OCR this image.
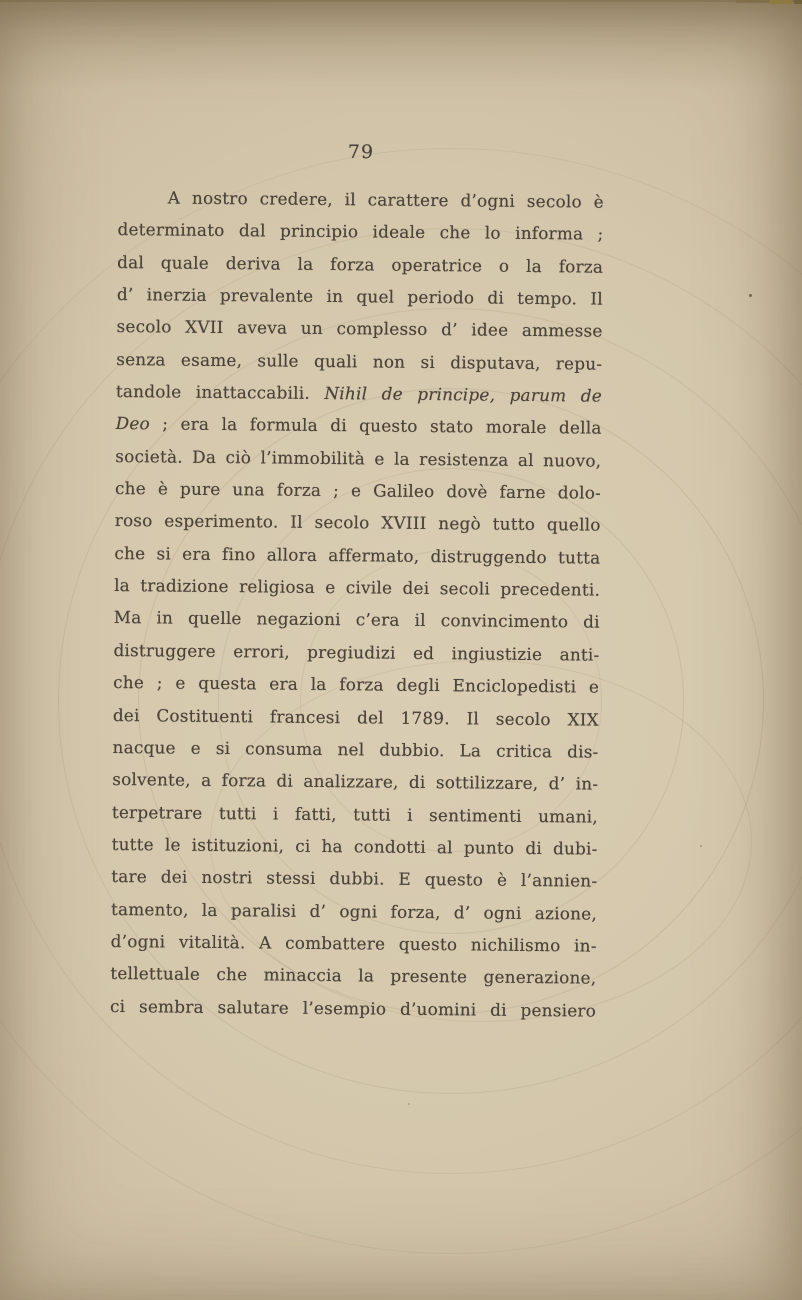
79
A nostro credere, il carattere d’ogni secolo è
determinato dal principio ideale che lo informa ;
dal quale deriva la forza operatrice o la forza
d’ inerzia prevalente in quel periodo di tempo. Il
secolo XVII aveva un complesso d’ idee ammesse
senza esame, sulle quali non si disputava, repu-
tandole inattaccabili. Nihil de principe, parum de
Deo ; era la formula di questo stato morale della
società. Da ciò l’immobilità e la resistenza al nuovo,
che è pure una forza ; e Galileo dovè farne dolo-
roso esperimento. Il secolo XVIII negò tutto quello
che si era fino allora affermato, distruggendo tutta
la tradizione religiosa e civile dei secoli precedenti.
Ma in quelle negazioni c’era il convincimento di
distruggere errori, pregiudizi ed ingiustizie anti-
che ; e questa era la forza degli Enciclopedisti e
dei Costituenti francesi del 1789. Il secolo XIX
nacque e si consuma nel dubbio. La critica dis-
solvente, a forza di analizzare, di sottilizzare, d’ in-
terpetrare tutti i fatti, tutti i sentimenti umani,
tutte le istituzioni, ci ha condotti al punto di dubi-
tare dei nostri stessi dubbi. E questo è l’annien-
tamento, la paralisi d’ ogni forza, d’ ogni azione,
d’ogni vitalità. A combattere questo nichilismo in-
tellettuale che minaccia la presente generazione,
ci sembra salutare l’esempio d’uomini di pensiero
